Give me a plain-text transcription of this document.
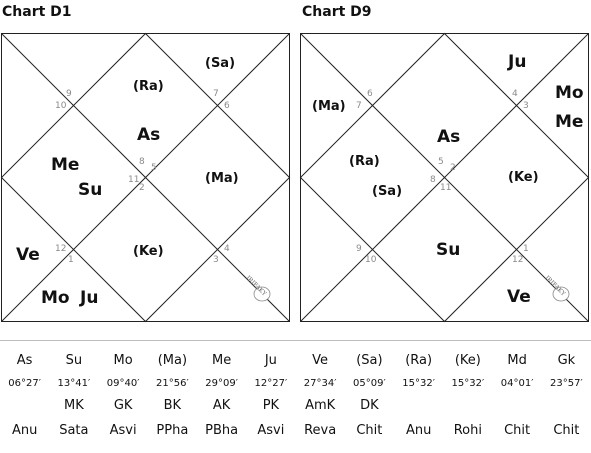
Chart D1
8
5
11
2
9
10
7
6
12
1
4
3
(Sa)
(Ra)
As
Me
Su
(Ma)
Ve	(Ke)
Mo Ju
IRIFAKY
Chart D9
5
2
8
11
6
7
4
3
9
10
1
12
Ju
Mo
Me
(Ma)
As
(Ra)
(Sa)
(Ke)
Su
Ve IRIFAKY
As	Su	Mo	(Ma)	Me	Ju	Ve	(Sa)	(Ra)	(Ke)	Md	Gk
06°27′	13°41′	09°40′	21°56′	29°09′	12°27′	27°34′	05°09′	15°32′	15°32′	04°01′	23°57′
	MK	GK	BK	AK	PK	AmK	DK				
Anu	Sata	Asvi	PPha	PBha	Asvi	Reva	Chit	Anu	Rohi	Chit	Chit
